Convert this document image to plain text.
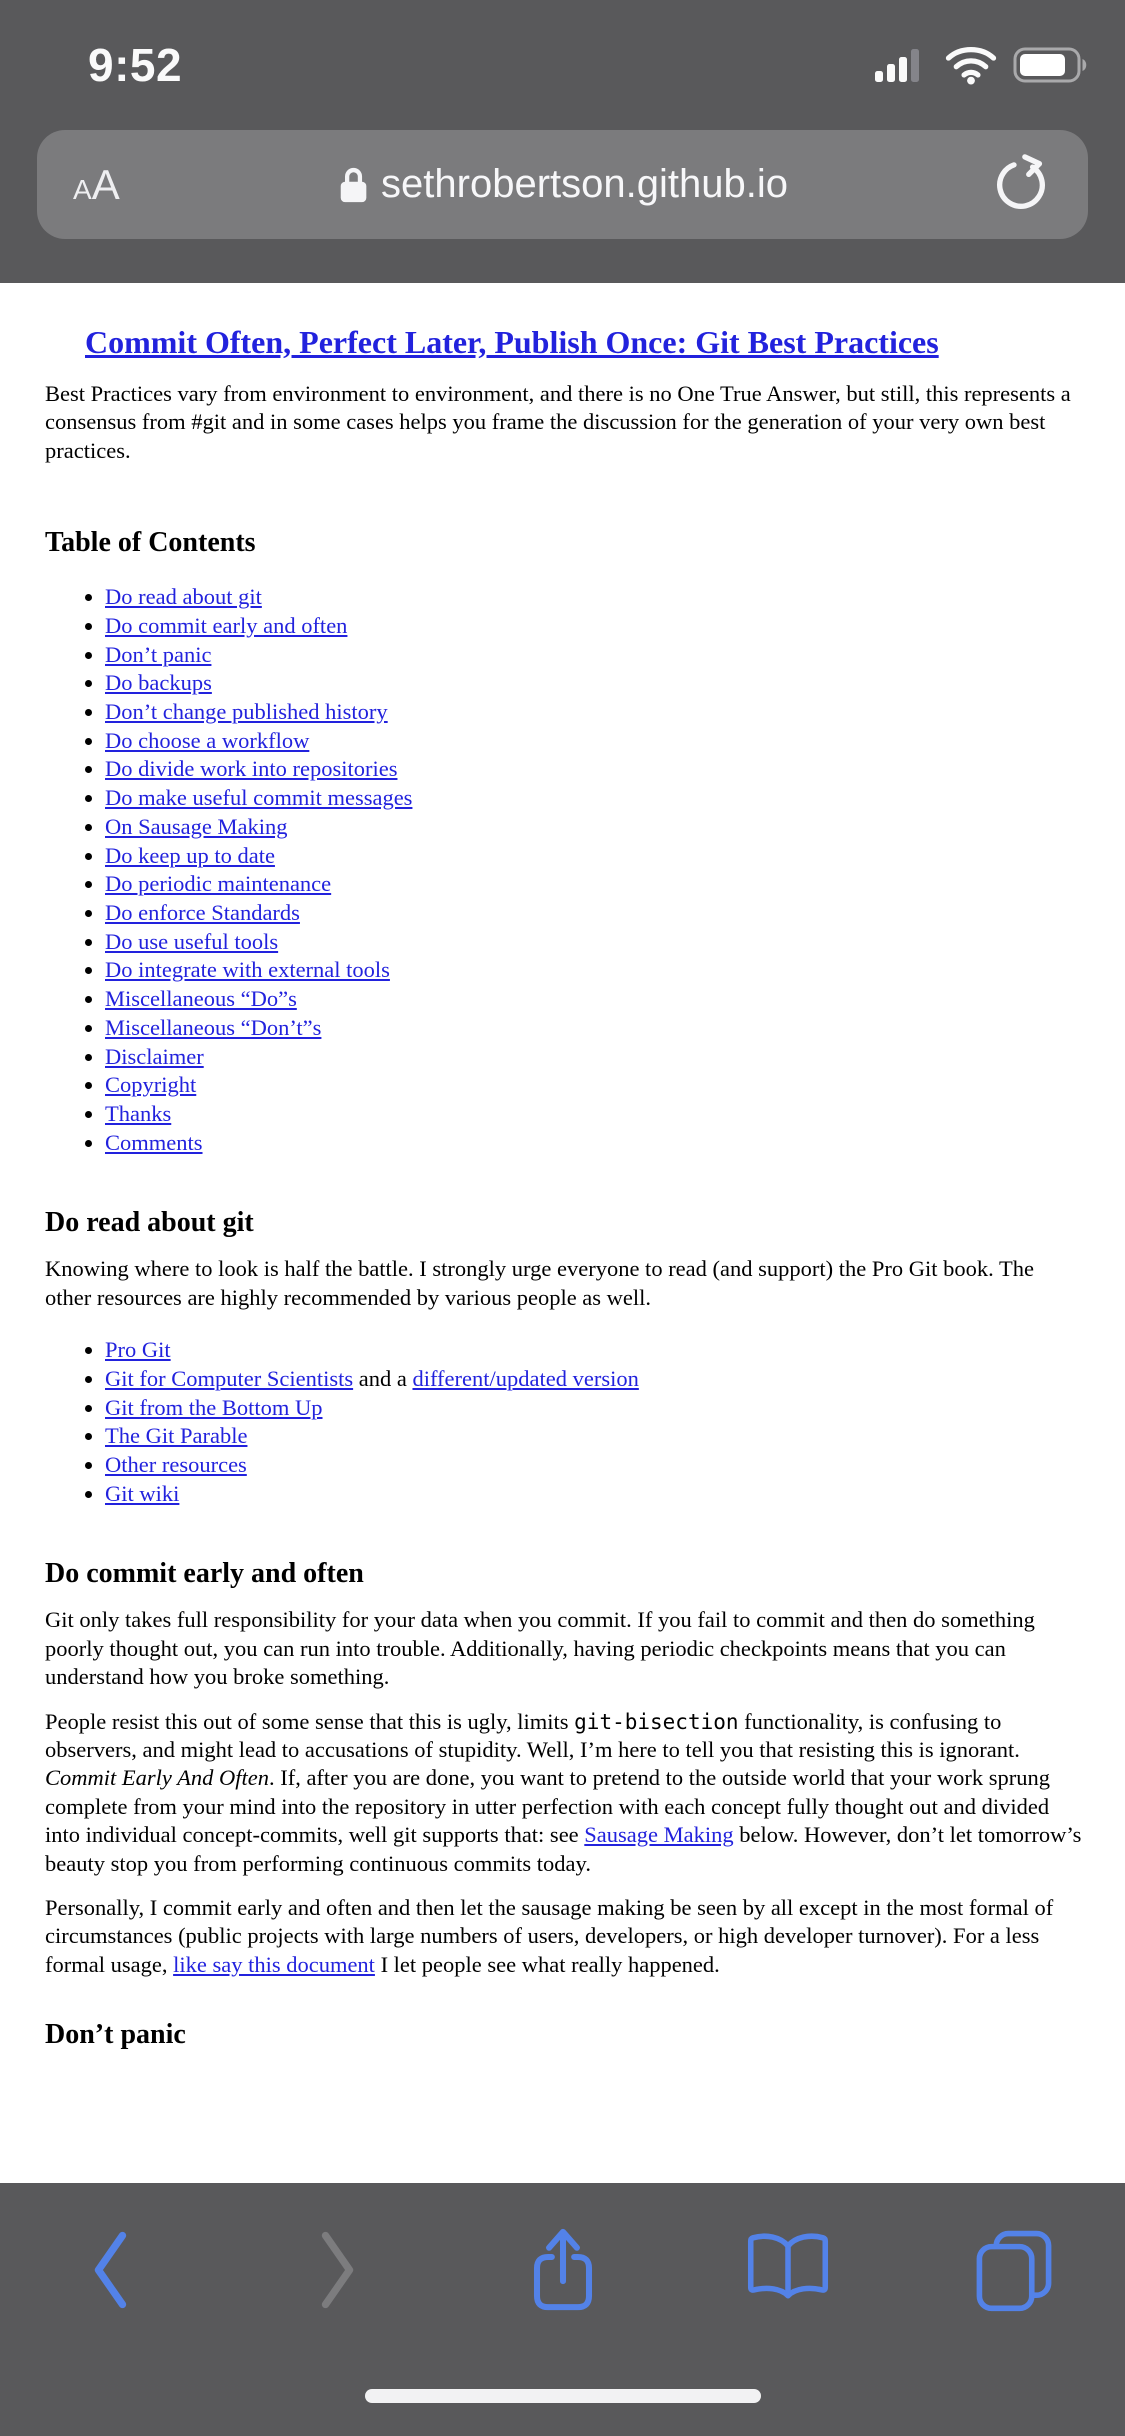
9:52
A A	sethrobertson.github.io
Commit Often, Perfect Later, Publish Once: Git Best Practices

Best Practices vary from environment to environment, and there is no One True Answer, but still, this represents a consensus from #git and in some cases helps you frame the discussion for the generation of your very own best practices.

Table of Contents
• Do read about git
• Do commit early and often
• Don’t panic
• Do backups
• Don’t change published history
• Do choose a workflow
• Do divide work into repositories
• Do make useful commit messages
• On Sausage Making
• Do keep up to date
• Do periodic maintenance
• Do enforce Standards
• Do use useful tools
• Do integrate with external tools
• Miscellaneous “Do”s
• Miscellaneous “Don’t”s
• Disclaimer
• Copyright
• Thanks
• Comments
Do read about git

Knowing where to look is half the battle. I strongly urge everyone to read (and support) the Pro Git book. The other resources are highly recommended by various people as well.

• Pro Git
• Git for Computer Scientists and a different/updated version
• Git from the Bottom Up
• The Git Parable
• Other resources
• Git wiki
Do commit early and often

Git only takes full responsibility for your data when you commit. If you fail to commit and then do something poorly thought out, you can run into trouble. Additionally, having periodic checkpoints means that you can understand how you broke something.

People resist this out of some sense that this is ugly, limits git-bisection functionality, is confusing to observers, and might lead to accusations of stupidity. Well, I’m here to tell you that resisting this is ignorant. Commit Early And Often. If, after you are done, you want to pretend to the outside world that your work sprung complete from your mind into the repository in utter perfection with each concept fully thought out and divided into individual concept-commits, well git supports that: see Sausage Making below. However, don’t let tomorrow’s beauty stop you from performing continuous commits today.

Personally, I commit early and often and then let the sausage making be seen by all except in the most formal of circumstances (public projects with large numbers of users, developers, or high developer turnover). For a less formal usage, like say this document I let people see what really happened.

Don’t panic
